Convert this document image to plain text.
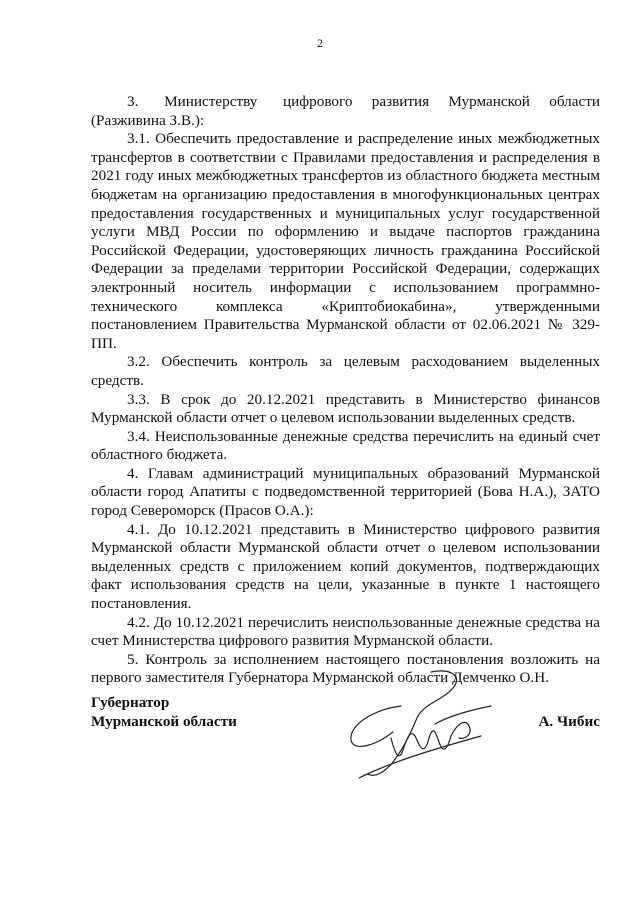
2

3.    Министерству    цифрового   развития   Мурманской   области (Разживина З.В.):

3.1. Обеспечить предоставление и распределение иных межбюджетных трансфертов в соответствии с Правилами предоставления и распределения в 2021 году иных межбюджетных трансфертов из областного бюджета местным бюджетам на организацию предоставления в многофункциональных центрах предоставления государственных и муниципальных услуг государственной услуги МВД России по оформлению и выдаче паспортов гражданина Российской Федерации, удостоверяющих личность гражданина Российской Федерации за пределами территории Российской Федерации, содержащих электронный носитель информации с использованием программно-технического комплекса «Криптобиокабина», утвержденными постановлением Правительства Мурманской области от 02.06.2021 № 329-ПП.

3.2. Обеспечить контроль за целевым расходованием выделенных средств.

3.3. В срок до 20.12.2021 представить в Министерство финансов Мурманской области отчет о целевом использовании выделенных средств.

3.4. Неиспользованные денежные средства перечислить на единый счет областного бюджета.

4. Главам администраций муниципальных образований Мурманской области город Апатиты с подведомственной территорией (Бова Н.А.), ЗАТО город Североморск (Прасов О.А.):

4.1. До 10.12.2021 представить в Министерство цифрового развития Мурманской области Мурманской области отчет о целевом использовании выделенных средств с приложением копий документов, подтверждающих факт использования средств на цели, указанные в пункте 1 настоящего постановления.

4.2. До 10.12.2021 перечислить неиспользованные денежные средства на счет Министерства цифрового развития Мурманской области.

5. Контроль за исполнением настоящего постановления возложить на первого заместителя Губернатора Мурманской области Демченко О.Н.

Губернатор
Мурманской области	А. Чибис
